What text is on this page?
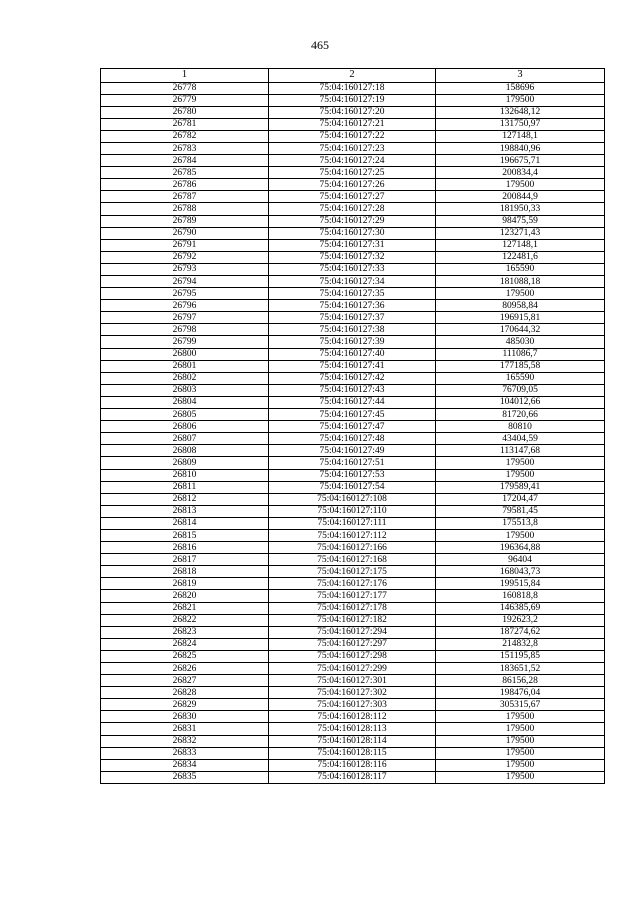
465
1	2	3
26778	75:04:160127:18	158696
26779	75:04:160127:19	179500
26780	75:04:160127:20	132648,12
26781	75:04:160127:21	131750,97
26782	75:04:160127:22	127148,1
26783	75:04:160127:23	198840,96
26784	75:04:160127:24	196675,71
26785	75:04:160127:25	200834,4
26786	75:04:160127:26	179500
26787	75:04:160127:27	200844,9
26788	75:04:160127:28	181950,33
26789	75:04:160127:29	98475,59
26790	75:04:160127:30	123271,43
26791	75:04:160127:31	127148,1
26792	75:04:160127:32	122481,6
26793	75:04:160127:33	165590
26794	75:04:160127:34	181088,18
26795	75:04:160127:35	179500
26796	75:04:160127:36	80958,84
26797	75:04:160127:37	196915,81
26798	75:04:160127:38	170644,32
26799	75:04:160127:39	485030
26800	75:04:160127:40	111086,7
26801	75:04:160127:41	177185,58
26802	75:04:160127:42	165590
26803	75:04:160127:43	76709,05
26804	75:04:160127:44	104012,66
26805	75:04:160127:45	81720,66
26806	75:04:160127:47	80810
26807	75:04:160127:48	43404,59
26808	75:04:160127:49	113147,68
26809	75:04:160127:51	179500
26810	75:04:160127:53	179500
26811	75:04:160127:54	179589,41
26812	75:04:160127:108	17204,47
26813	75:04:160127:110	79581,45
26814	75:04:160127:111	175513,8
26815	75:04:160127:112	179500
26816	75:04:160127:166	196364,88
26817	75:04:160127:168	96404
26818	75:04:160127:175	168043,73
26819	75:04:160127:176	199515,84
26820	75:04:160127:177	160818,8
26821	75:04:160127:178	146385,69
26822	75:04:160127:182	192623,2
26823	75:04:160127:294	187274,62
26824	75:04:160127:297	214832,8
26825	75:04:160127:298	151195,85
26826	75:04:160127:299	183651,52
26827	75:04:160127:301	86156,28
26828	75:04:160127:302	198476,04
26829	75:04:160127:303	305315,67
26830	75:04:160128:112	179500
26831	75:04:160128:113	179500
26832	75:04:160128:114	179500
26833	75:04:160128:115	179500
26834	75:04:160128:116	179500
26835	75:04:160128:117	179500
